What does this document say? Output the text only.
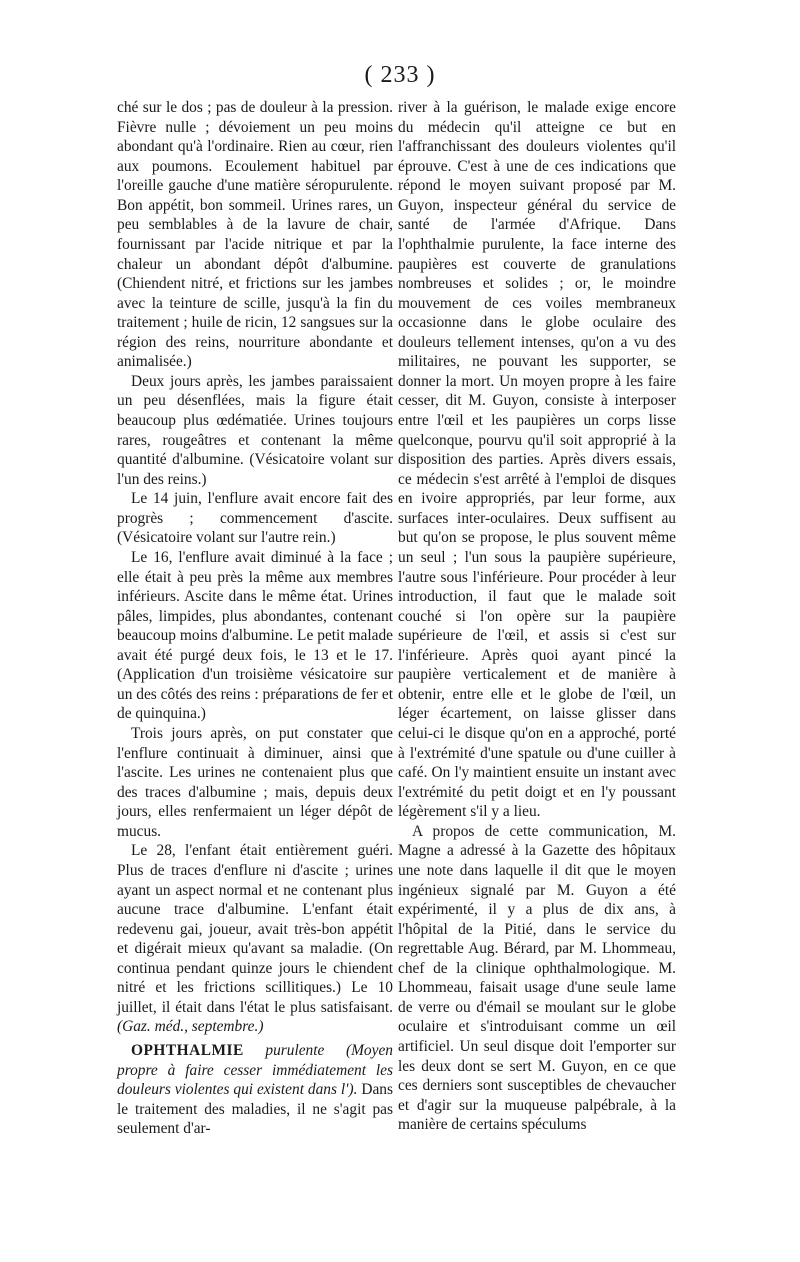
( 233 )

ché sur le dos ; pas de douleur à la pression. Fièvre nulle ; dévoiement un peu moins abondant qu'à l'ordinaire. Rien au cœur, rien aux poumons. Ecoulement habituel par l'oreille gauche d'une matière séropurulente. Bon appétit, bon sommeil. Urines rares, un peu semblables à de la lavure de chair, fournissant par l'acide nitrique et par la chaleur un abondant dépôt d'albumine. (Chiendent nitré, et frictions sur les jambes avec la teinture de scille, jusqu'à la fin du traitement ; huile de ricin, 12 sangsues sur la région des reins, nourriture abondante et animalisée.)

Deux jours après, les jambes paraissaient un peu désenflées, mais la figure était beaucoup plus œdématiée. Urines toujours rares, rougeâtres et contenant la même quantité d'albumine. (Vésicatoire volant sur l'un des reins.)

Le 14 juin, l'enflure avait encore fait des progrès ; commencement d'ascite. (Vésicatoire volant sur l'autre rein.)

Le 16, l'enflure avait diminué à la face ; elle était à peu près la même aux membres inférieurs. Ascite dans le même état. Urines pâles, limpides, plus abondantes, contenant beaucoup moins d'albumine. Le petit malade avait été purgé deux fois, le 13 et le 17. (Application d'un troisième vésicatoire sur un des côtés des reins : préparations de fer et de quinquina.)

Trois jours après, on put constater que l'enflure continuait à diminuer, ainsi que l'ascite. Les urines ne contenaient plus que des traces d'albumine ; mais, depuis deux jours, elles renfermaient un léger dépôt de mucus.

Le 28, l'enfant était entièrement guéri. Plus de traces d'enflure ni d'ascite ; urines ayant un aspect normal et ne contenant plus aucune trace d'albumine. L'enfant était redevenu gai, joueur, avait très-bon appétit et digérait mieux qu'avant sa maladie. (On continua pendant quinze jours le chiendent nitré et les frictions scillitiques.) Le 10 juillet, il était dans l'état le plus satisfaisant. (Gaz. méd., septembre.)

OPHTHALMIE purulente (Moyen propre à faire cesser immédiatement les douleurs violentes qui existent dans l'). Dans le traitement des maladies, il ne s'agit pas seulement d'ar-

river à la guérison, le malade exige encore du médecin qu'il atteigne ce but en l'affranchissant des douleurs violentes qu'il éprouve. C'est à une de ces indications que répond le moyen suivant proposé par M. Guyon, inspecteur général du service de santé de l'armée d'Afrique. Dans l'ophthalmie purulente, la face interne des paupières est couverte de granulations nombreuses et solides ; or, le moindre mouvement de ces voiles membraneux occasionne dans le globe oculaire des douleurs tellement intenses, qu'on a vu des militaires, ne pouvant les supporter, se donner la mort. Un moyen propre à les faire cesser, dit M. Guyon, consiste à interposer entre l'œil et les paupières un corps lisse quelconque, pourvu qu'il soit approprié à la disposition des parties. Après divers essais, ce médecin s'est arrêté à l'emploi de disques en ivoire appropriés, par leur forme, aux surfaces inter-oculaires. Deux suffisent au but qu'on se propose, le plus souvent même un seul ; l'un sous la paupière supérieure, l'autre sous l'inférieure. Pour procéder à leur introduction, il faut que le malade soit couché si l'on opère sur la paupière supérieure de l'œil, et assis si c'est sur l'inférieure. Après quoi ayant pincé la paupière verticalement et de manière à obtenir, entre elle et le globe de l'œil, un léger écartement, on laisse glisser dans celui-ci le disque qu'on en a approché, porté à l'extrémité d'une spatule ou d'une cuiller à café. On l'y maintient ensuite un instant avec l'extrémité du petit doigt et en l'y poussant légèrement s'il y a lieu.

A propos de cette communication, M. Magne a adressé à la Gazette des hôpitaux une note dans laquelle il dit que le moyen ingénieux signalé par M. Guyon a été expérimenté, il y a plus de dix ans, à l'hôpital de la Pitié, dans le service du regrettable Aug. Bérard, par M. Lhommeau, chef de la clinique ophthalmologique. M. Lhommeau, faisait usage d'une seule lame de verre ou d'émail se moulant sur le globe oculaire et s'introduisant comme un œil artificiel. Un seul disque doit l'emporter sur les deux dont se sert M. Guyon, en ce que ces derniers sont susceptibles de chevaucher et d'agir sur la muqueuse palpébrale, à la manière de certains spéculums
